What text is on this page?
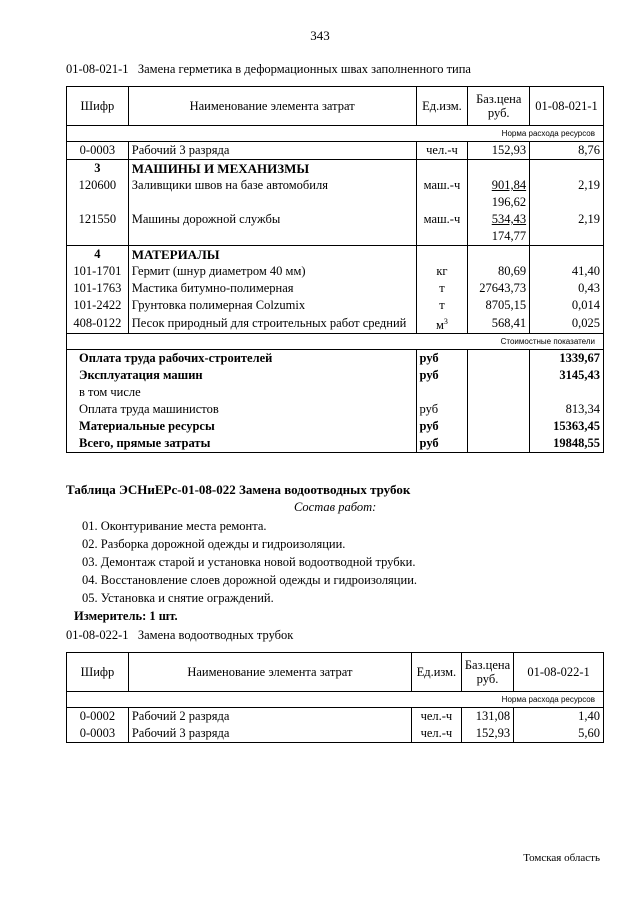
343
01-08-021-1 Замена герметика в деформационных швах заполненного типа
Шифр	Наименование элемента затрат	Ед.изм.	Баз.цена руб.	01-08-021-1
Норма расхода ресурсов				
0-0003	Рабочий 3 разряда	чел.-ч	152,93	8,76
3	МАШИНЫ И МЕХАНИЗМЫ			
120600	Заливщики швов на базе автомобиля	маш.-ч	901,84	2,19
			196,62	
121550	Машины дорожной службы	маш.-ч	534,43	2,19
			174,77	
4	МАТЕРИАЛЫ			
101-1701	Гермит (шнур диаметром 40 мм)	кг	80,69	41,40
101-1763	Мастика битумно-полимерная	т	27643,73	0,43
101-2422	Грунтовка полимерная Colzumix	т	8705,15	0,014
408-0122	Песок природный для строительных работ средний	$м^3$	568,41	0,025
Стоимостные показатели				
Оплата труда рабочих-строителей		руб		1339,67
Эксплуатация машин		руб		3145,43
в том числе				
Оплата труда машинистов		руб		813,34
Материальные ресурсы		руб		15363,45
Всего, прямые затраты		руб		19848,55
Таблица ЭСНиЕРс-01-08-022 Замена водоотводных трубок
Состав работ:
01. Оконтуривание места ремонта.
02. Разборка дорожной одежды и гидроизоляции.
03. Демонтаж старой и установка новой водоотводной трубки.
04. Восстановление слоев дорожной одежды и гидроизоляции.
05. Установка и снятие ограждений.
Измеритель: 1 шт.
01-08-022-1 Замена водоотводных трубок
Шифр	Наименование элемента затрат	Ед.изм.	Баз.цена руб.	01-08-022-1
Норма расхода ресурсов				
0-0002	Рабочий 2 разряда	чел.-ч	131,08	1,40
0-0003	Рабочий 3 разряда	чел.-ч	152,93	5,60
Томская область
